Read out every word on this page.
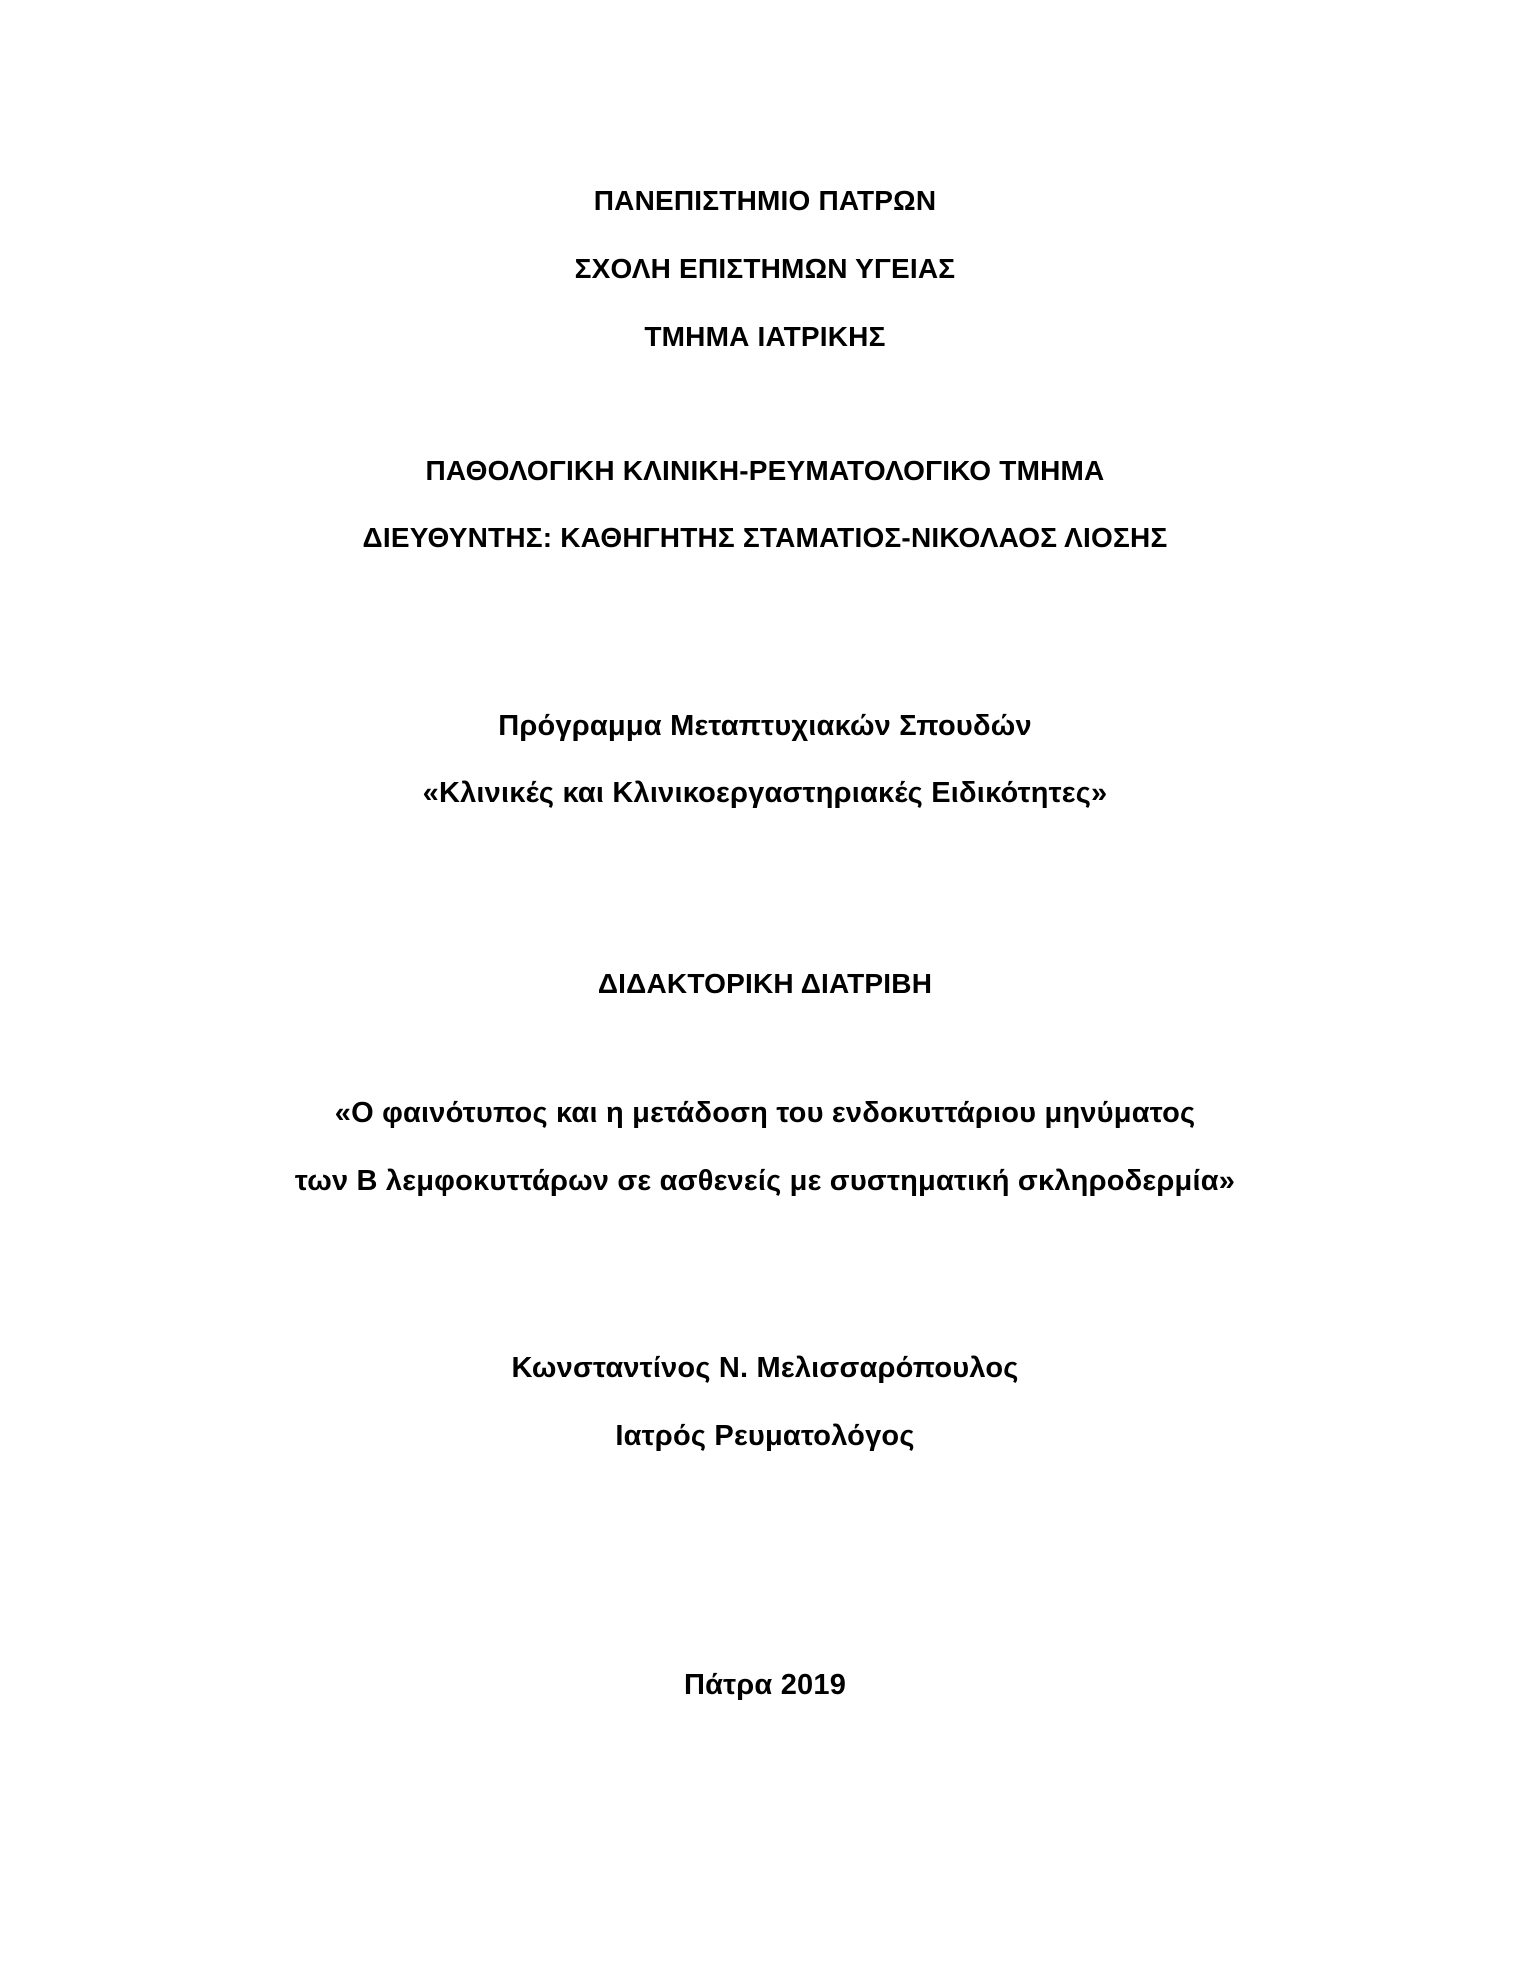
ΠΑΝΕΠΙΣΤΗΜΙΟ ΠΑΤΡΩΝ
ΣΧΟΛΗ ΕΠΙΣΤΗΜΩΝ ΥΓΕΙΑΣ
ΤΜΗΜΑ ΙΑΤΡΙΚΗΣ
ΠΑΘΟΛΟΓΙΚΗ ΚΛΙΝΙΚΗ-ΡΕΥΜΑΤΟΛΟΓΙΚΟ ΤΜΗΜΑ
ΔΙΕΥΘΥΝΤΗΣ: ΚΑΘΗΓΗΤΗΣ ΣΤΑΜΑΤΙΟΣ-ΝΙΚΟΛΑΟΣ ΛΙΟΣΗΣ
Πρόγραμμα Μεταπτυχιακών Σπουδών
«Κλινικές και Κλινικοεργαστηριακές Ειδικότητες»
ΔΙΔΑΚΤΟΡΙΚΗ ΔΙΑΤΡΙΒΗ
«Ο φαινότυπος και η μετάδοση του ενδοκυττάριου μηνύματος
των Β λεμφοκυττάρων σε ασθενείς με συστηματική σκληροδερμία»
Κωνσταντίνος Ν. Μελισσαρόπουλος
Ιατρός Ρευματολόγος
Πάτρα 2019
